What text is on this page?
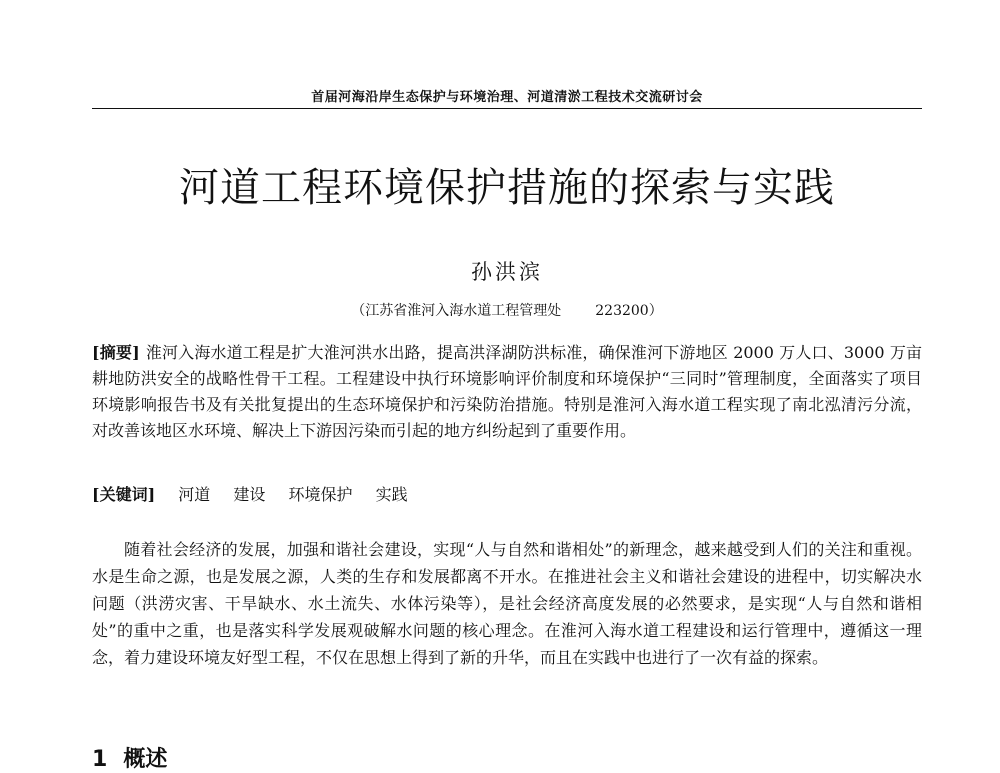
首届河海沿岸生态保护与环境治理、河道清淤工程技术交流研讨会
河道工程环境保护措施的探索与实践
孙洪滨
（江苏省淮河入海水道工程管理处 223200）
[摘要] 淮河入海水道工程是扩大淮河洪水出路，提高洪泽湖防洪标准，确保淮河下游地区 2000 万人口、3000 万亩耕地防洪安全的战略性骨干工程。工程建设中执行环境影响评价制度和环境保护“三同时”管理制度，全面落实了项目环境影响报告书及有关批复提出的生态环境保护和污染防治措施。特别是淮河入海水道工程实现了南北泓清污分流，对改善该地区水环境、解决上下游因污染而引起的地方纠纷起到了重要作用。
[关键词] 河道 建设 环境保护 实践
随着社会经济的发展，加强和谐社会建设，实现“人与自然和谐相处”的新理念，越来越受到人们的关注和重视。水是生命之源，也是发展之源，人类的生存和发展都离不开水。在推进社会主义和谐社会建设的进程中，切实解决水问题（洪涝灾害、干旱缺水、水土流失、水体污染等），是社会经济高度发展的必然要求，是实现“人与自然和谐相处”的重中之重，也是落实科学发展观破解水问题的核心理念。在淮河入海水道工程建设和运行管理中，遵循这一理念，着力建设环境友好型工程，不仅在思想上得到了新的升华，而且在实践中也进行了一次有益的探索。
1 概述
